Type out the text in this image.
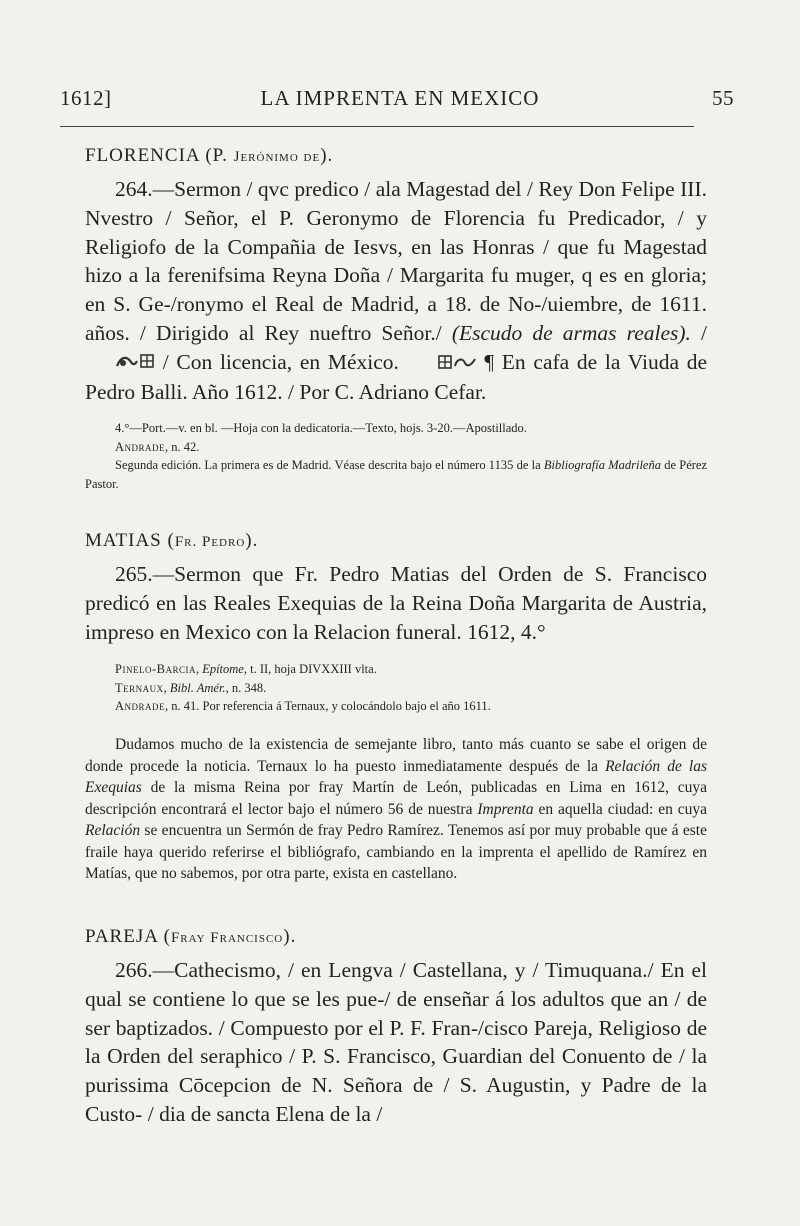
1612]	LA IMPRENTA EN MEXICO	55
FLORENCIA (P. Jerónimo de).

264.—Sermon / qvc predico / ala Magestad del / Rey Don Felipe III. Nvestro / Señor, el P. Geronymo de Florencia fu Predicador, / y Religiofo de la Compañia de Iesvs, en las Honras / que fu Magestad hizo a la ferenifsima Reyna Doña / Margarita fu muger, q es en gloria; en S. Ge-/ronymo el Real de Madrid, a 18. de No-/uiembre, de 1611. años. / Dirigido al Rey nueftro Señor./ (Escudo de armas reales). /  / Con licencia, en México.	¶ En cafa de la Viuda de Pedro Balli. Año 1612. / Por C. Adriano Cefar.

4.°—Port.—v. en bl. —Hoja con la dedicatoria.—Texto, hojs. 3-20.—Apostillado.

Andrade, n. 42.

Segunda edición. La primera es de Madrid. Véase descrita bajo el número 1135 de la Bibliografía Madrileña de Pérez Pastor.

MATIAS (Fr. Pedro).

265.—Sermon que Fr. Pedro Matias del Orden de S. Francisco predicó en las Reales Exequias de la Reina Doña Margarita de Austria, impreso en Mexico con la Relacion funeral. 1612, 4.°

Pinelo-Barcia, Epítome, t. II, hoja DIVXXIII vlta.

Ternaux, Bibl. Amér., n. 348.

Andrade, n. 41. Por referencia á Ternaux, y colocándolo bajo el año 1611.

Dudamos mucho de la existencia de semejante libro, tanto más cuanto se sabe el origen de donde procede la noticia. Ternaux lo ha puesto inmediatamente después de la Relación de las Exequias de la misma Reina por fray Martín de León, publicadas en Lima en 1612, cuya descripción encontrará el lector bajo el número 56 de nuestra Imprenta en aquella ciudad: en cuya Relación se encuentra un Sermón de fray Pedro Ramírez. Tenemos así por muy probable que á este fraile haya querido referirse el bibliógrafo, cambiando en la imprenta el apellido de Ramírez en Matías, que no sabemos, por otra parte, exista en castellano.

PAREJA (Fray Francisco).

266.—Cathecismo, / en Lengva / Castellana, y / Timuquana./ En el qual se contiene lo que se les pue-/ de enseñar á los adultos que an / de ser baptizados. / Compuesto por el P. F. Fran-/cisco Pareja, Religioso de la Orden del seraphico / P. S. Francisco, Guardian del Conuento de / la purissima Cōcepcion de N. Señora de / S. Augustin, y Padre de la Custo- / dia de sancta Elena de la /
